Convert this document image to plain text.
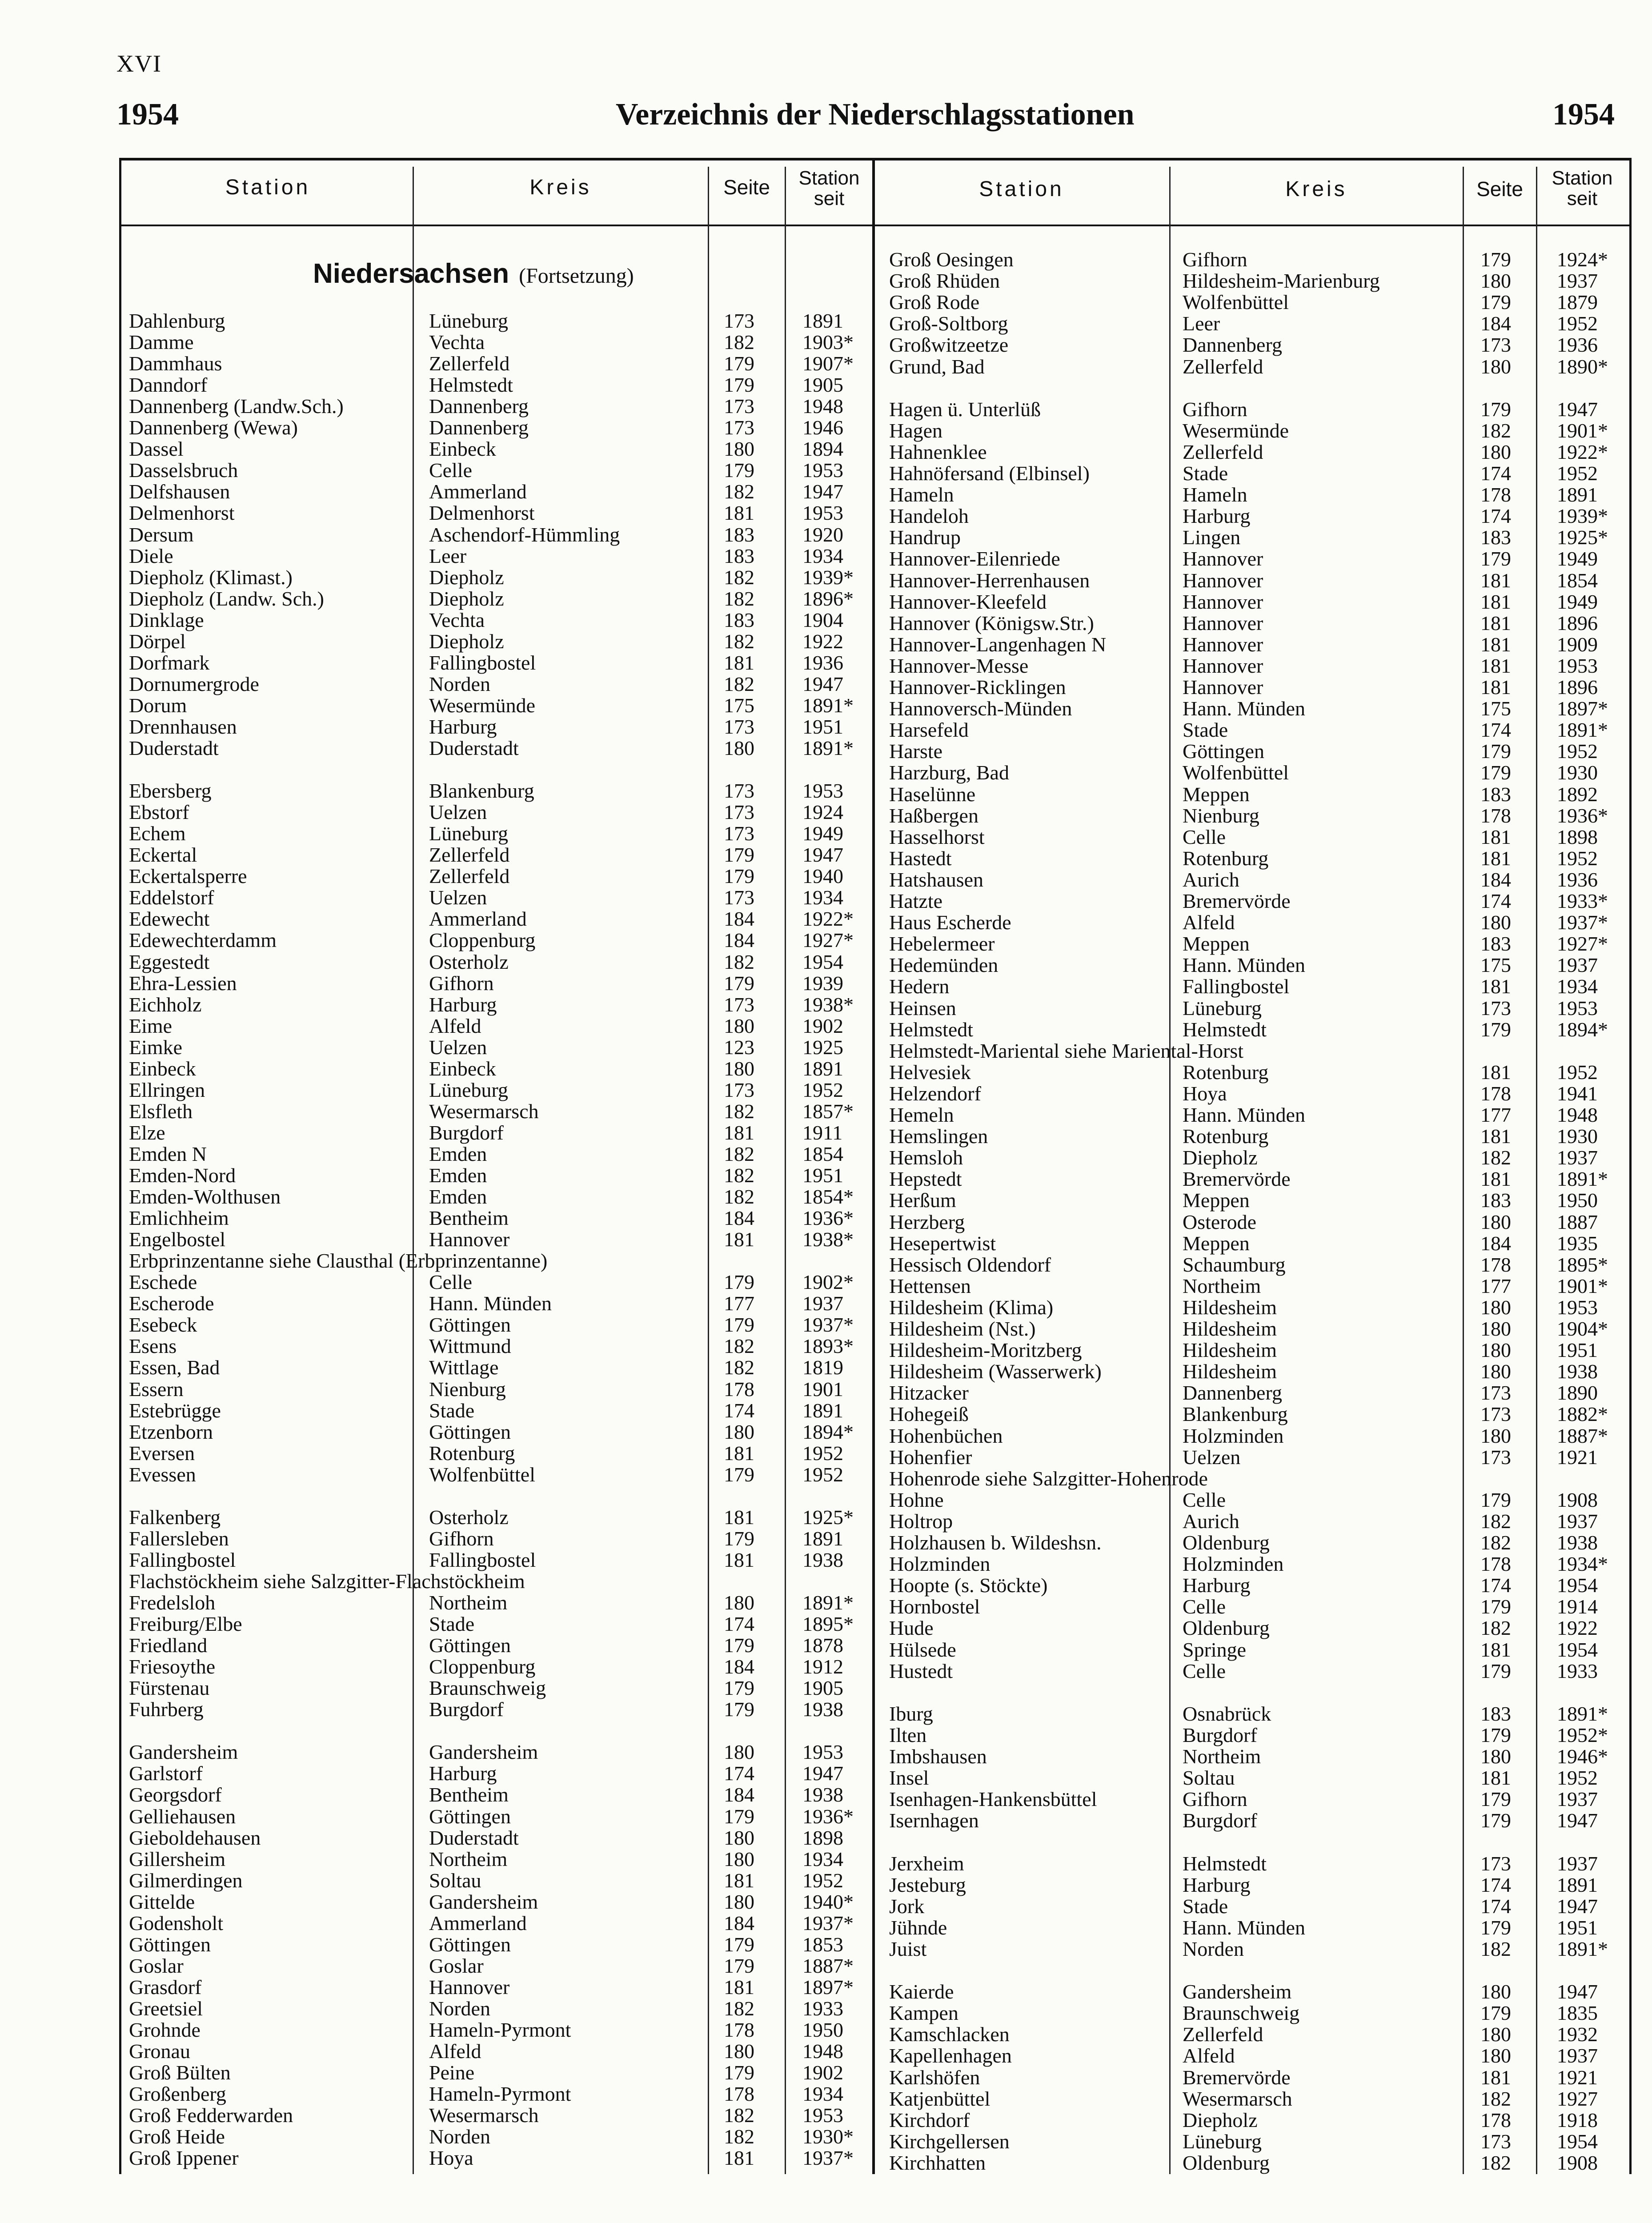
XVI
1954	Verzeichnis der Niederschlagsstationen	1954
Station	Kreis	Seite	Station seit	Station	Kreis	Seite	Station seit
Niedersachsen (Fortsetzung)
Dahlenburg	Lüneburg	173 1891
Damme	Vechta	182 1903*
Dammhaus	Zellerfeld	179 1907*
Danndorf	Helmstedt	179 1905
Dannenberg (Landw.Sch.)	Dannenberg	173 1948
Dannenberg (Wewa)	Dannenberg	173 1946
Dassel	Einbeck	180 1894
Dasselsbruch	Celle	179 1953
Delfshausen	Ammerland	182 1947
Delmenhorst	Delmenhorst	181 1953
Dersum	Aschendorf-Hümmling	183 1920
Diele	Leer	183 1934
Diepholz (Klimast.)	Diepholz	182 1939*
Diepholz (Landw. Sch.)	Diepholz	182 1896*
Dinklage	Vechta	183 1904
Dörpel	Diepholz	182 1922
Dorfmark	Fallingbostel	181 1936
Dornumergrode	Norden	182 1947
Dorum	Wesermünde	175 1891*
Drennhausen	Harburg	173 1951
Duderstadt	Duderstadt	180 1891*
Ebersberg	Blankenburg	173 1953
Ebstorf	Uelzen	173 1924
Echem	Lüneburg	173 1949
Eckertal	Zellerfeld	179 1947
Eckertalsperre	Zellerfeld	179 1940
Eddelstorf	Uelzen	173 1934
Edewecht	Ammerland	184 1922*
Edewechterdamm	Cloppenburg	184 1927*
Eggestedt	Osterholz	182 1954
Ehra-Lessien	Gifhorn	179 1939
Eichholz	Harburg	173 1938*
Eime	Alfeld	180 1902
Eimke	Uelzen	123 1925
Einbeck	Einbeck	180 1891
Ellringen	Lüneburg	173 1952
Elsfleth	Wesermarsch	182 1857*
Elze	Burgdorf	181 1911
Emden N	Emden	182 1854
Emden-Nord	Emden	182 1951
Emden-Wolthusen	Emden	182 1854*
Emlichheim	Bentheim	184 1936*
Engelbostel	Hannover	181 1938*
Erbprinzentanne siehe Clausthal (Erbprinzentanne)
Eschede	Celle	179 1902*
Escherode	Hann. Münden	177 1937
Esebeck	Göttingen	179 1937*
Esens	Wittmund	182 1893*
Essen, Bad	Wittlage	182 1819
Essern	Nienburg	178 1901
Estebrügge	Stade	174 1891
Etzenborn	Göttingen	180 1894*
Eversen	Rotenburg	181 1952
Evessen	Wolfenbüttel	179 1952
Falkenberg	Osterholz	181 1925*
Fallersleben	Gifhorn	179 1891
Fallingbostel	Fallingbostel	181 1938
Flachstöckheim siehe Salzgitter-Flachstöckheim
Fredelsloh	Northeim	180 1891*
Freiburg/Elbe	Stade	174 1895*
Friedland	Göttingen	179 1878
Friesoythe	Cloppenburg	184 1912
Fürstenau	Braunschweig	179 1905
Fuhrberg	Burgdorf	179 1938
Gandersheim	Gandersheim	180 1953
Garlstorf	Harburg	174 1947
Georgsdorf	Bentheim	184 1938
Gelliehausen	Göttingen	179 1936*
Gieboldehausen	Duderstadt	180 1898
Gillersheim	Northeim	180 1934
Gilmerdingen	Soltau	181 1952
Gittelde	Gandersheim	180 1940*
Godensholt	Ammerland	184 1937*
Göttingen	Göttingen	179 1853
Goslar	Goslar	179 1887*
Grasdorf	Hannover	181 1897*
Greetsiel	Norden	182 1933
Grohnde	Hameln-Pyrmont	178 1950
Gronau	Alfeld	180 1948
Groß Bülten	Peine	179 1902
Großenberg	Hameln-Pyrmont	178 1934
Groß Fedderwarden	Wesermarsch	182 1953
Groß Heide	Norden	182 1930*
Groß Ippener	Hoya	181 1937*
Groß Oesingen	Gifhorn	179 1924*
Groß Rhüden	Hildesheim-Marienburg	180 1937
Groß Rode	Wolfenbüttel	179 1879
Groß-Soltborg	Leer	184 1952
Großwitzeetze	Dannenberg	173 1936
Grund, Bad	Zellerfeld	180 1890*
Hagen ü. Unterlüß	Gifhorn	179 1947
Hagen	Wesermünde	182 1901*
Hahnenklee	Zellerfeld	180 1922*
Hahnöfersand (Elbinsel)	Stade	174 1952
Hameln	Hameln	178 1891
Handeloh	Harburg	174 1939*
Handrup	Lingen	183 1925*
Hannover-Eilenriede	Hannover	179 1949
Hannover-Herrenhausen	Hannover	181 1854
Hannover-Kleefeld	Hannover	181 1949
Hannover (Königsw.Str.)	Hannover	181 1896
Hannover-Langenhagen N	Hannover	181 1909
Hannover-Messe	Hannover	181 1953
Hannover-Ricklingen	Hannover	181 1896
Hannoversch-Münden	Hann. Münden	175 1897*
Harsefeld	Stade	174 1891*
Harste	Göttingen	179 1952
Harzburg, Bad	Wolfenbüttel	179 1930
Haselünne	Meppen	183 1892
Haßbergen	Nienburg	178 1936*
Hasselhorst	Celle	181 1898
Hastedt	Rotenburg	181 1952
Hatshausen	Aurich	184 1936
Hatzte	Bremervörde	174 1933*
Haus Escherde	Alfeld	180 1937*
Hebelermeer	Meppen	183 1927*
Hedemünden	Hann. Münden	175 1937
Hedern	Fallingbostel	181 1934
Heinsen	Lüneburg	173 1953
Helmstedt	Helmstedt	179 1894*
Helmstedt-Mariental siehe Mariental-Horst
Helvesiek	Rotenburg	181 1952
Helzendorf	Hoya	178 1941
Hemeln	Hann. Münden	177 1948
Hemslingen	Rotenburg	181 1930
Hemsloh	Diepholz	182 1937
Hepstedt	Bremervörde	181 1891*
Herßum	Meppen	183 1950
Herzberg	Osterode	180 1887
Hesepertwist	Meppen	184 1935
Hessisch Oldendorf	Schaumburg	178 1895*
Hettensen	Northeim	177 1901*
Hildesheim (Klima)	Hildesheim	180 1953
Hildesheim (Nst.)	Hildesheim	180 1904*
Hildesheim-Moritzberg	Hildesheim	180 1951
Hildesheim (Wasserwerk)	Hildesheim	180 1938
Hitzacker	Dannenberg	173 1890
Hohegeiß	Blankenburg	173 1882*
Hohenbüchen	Holzminden	180 1887*
Hohenfier	Uelzen	173 1921
Hohenrode siehe Salzgitter-Hohenrode
Hohne	Celle	179 1908
Holtrop	Aurich	182 1937
Holzhausen b. Wildeshsn.	Oldenburg	182 1938
Holzminden	Holzminden	178 1934*
Hoopte (s. Stöckte)	Harburg	174 1954
Hornbostel	Celle	179 1914
Hude	Oldenburg	182 1922
Hülsede	Springe	181 1954
Hustedt	Celle	179 1933
Iburg	Osnabrück	183 1891*
Ilten	Burgdorf	179 1952*
Imbshausen	Northeim	180 1946*
Insel	Soltau	181 1952
Isenhagen-Hankensbüttel	Gifhorn	179 1937
Isernhagen	Burgdorf	179 1947
Jerxheim	Helmstedt	173 1937
Jesteburg	Harburg	174 1891
Jork	Stade	174 1947
Jühnde	Hann. Münden	179 1951
Juist	Norden	182 1891*
Kaierde	Gandersheim	180 1947
Kampen	Braunschweig	179 1835
Kamschlacken	Zellerfeld	180 1932
Kapellenhagen	Alfeld	180 1937
Karlshöfen	Bremervörde	181 1921
Katjenbüttel	Wesermarsch	182 1927
Kirchdorf	Diepholz	178 1918
Kirchgellersen	Lüneburg	173 1954
Kirchhatten	Oldenburg	182 1908
